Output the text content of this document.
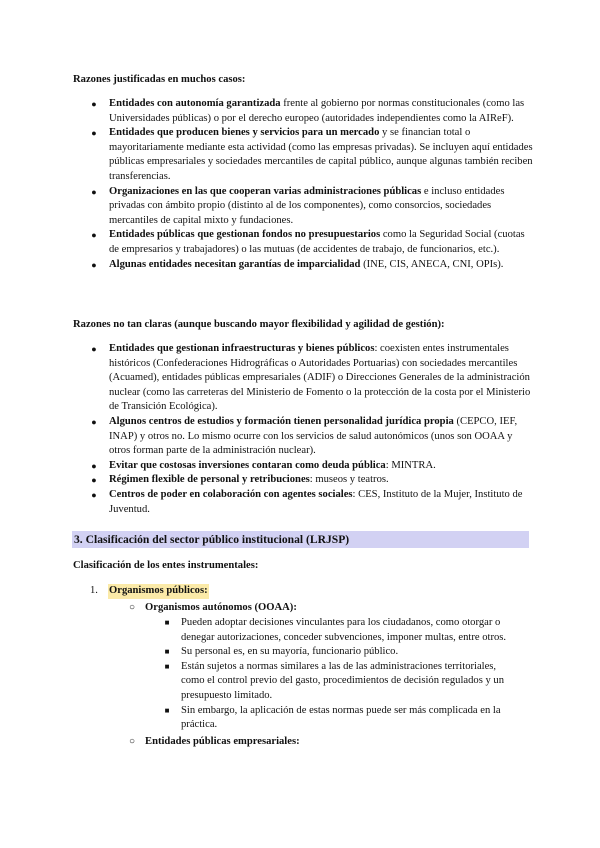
Razones justificadas en muchos casos:
●	Entidades con autonomía garantizada frente al gobierno por normas constitucionales (como las Universidades públicas) o por el derecho europeo (autoridades independientes como la AIReF).
●	Entidades que producen bienes y servicios para un mercado y se financian total o mayoritariamente mediante esta actividad (como las empresas privadas). Se incluyen aquí entidades públicas empresariales y sociedades mercantiles de capital público, aunque algunas también reciben transferencias.
●	Organizaciones en las que cooperan varias administraciones públicas e incluso entidades privadas con ámbito propio (distinto al de los componentes), como consorcios, sociedades mercantiles de capital mixto y fundaciones.
●	Entidades públicas que gestionan fondos no presupuestarios como la Seguridad Social (cuotas de empresarios y trabajadores) o las mutuas (de accidentes de trabajo, de funcionarios, etc.).
●	Algunas entidades necesitan garantías de imparcialidad (INE, CIS, ANECA, CNI, OPIs).
Razones no tan claras (aunque buscando mayor flexibilidad y agilidad de gestión):
●	Entidades que gestionan infraestructuras y bienes públicos: coexisten entes instrumentales históricos (Confederaciones Hidrográficas o Autoridades Portuarias) con sociedades mercantiles (Acuamed), entidades públicas empresariales (ADIF) o Direcciones Generales de la administración nuclear (como las carreteras del Ministerio de Fomento o la protección de la costa por el Ministerio de Transición Ecológica).
●	Algunos centros de estudios y formación tienen personalidad jurídica propia (CEPCO, IEF, INAP) y otros no. Lo mismo ocurre con los servicios de salud autonómicos (unos son OOAA y otros forman parte de la administración nuclear).
●	Evitar que costosas inversiones contaran como deuda pública: MINTRA.
●	Régimen flexible de personal y retribuciones: museos y teatros.
●	Centros de poder en colaboración con agentes sociales: CES, Instituto de la Mujer, Instituto de Juventud.
3. Clasificación del sector público institucional (LRJSP)
Clasificación de los entes instrumentales:
1. Organismos públicos:
○ Organismos autónomos (OOAA):
■ Pueden adoptar decisiones vinculantes para los ciudadanos, como otorgar o denegar autorizaciones, conceder subvenciones, imponer multas, entre otros.
■ Su personal es, en su mayoría, funcionario público.
■ Están sujetos a normas similares a las de las administraciones territoriales, como el control previo del gasto, procedimientos de decisión regulados y un presupuesto limitado.
■ Sin embargo, la aplicación de estas normas puede ser más complicada en la práctica.
○ Entidades públicas empresariales:
